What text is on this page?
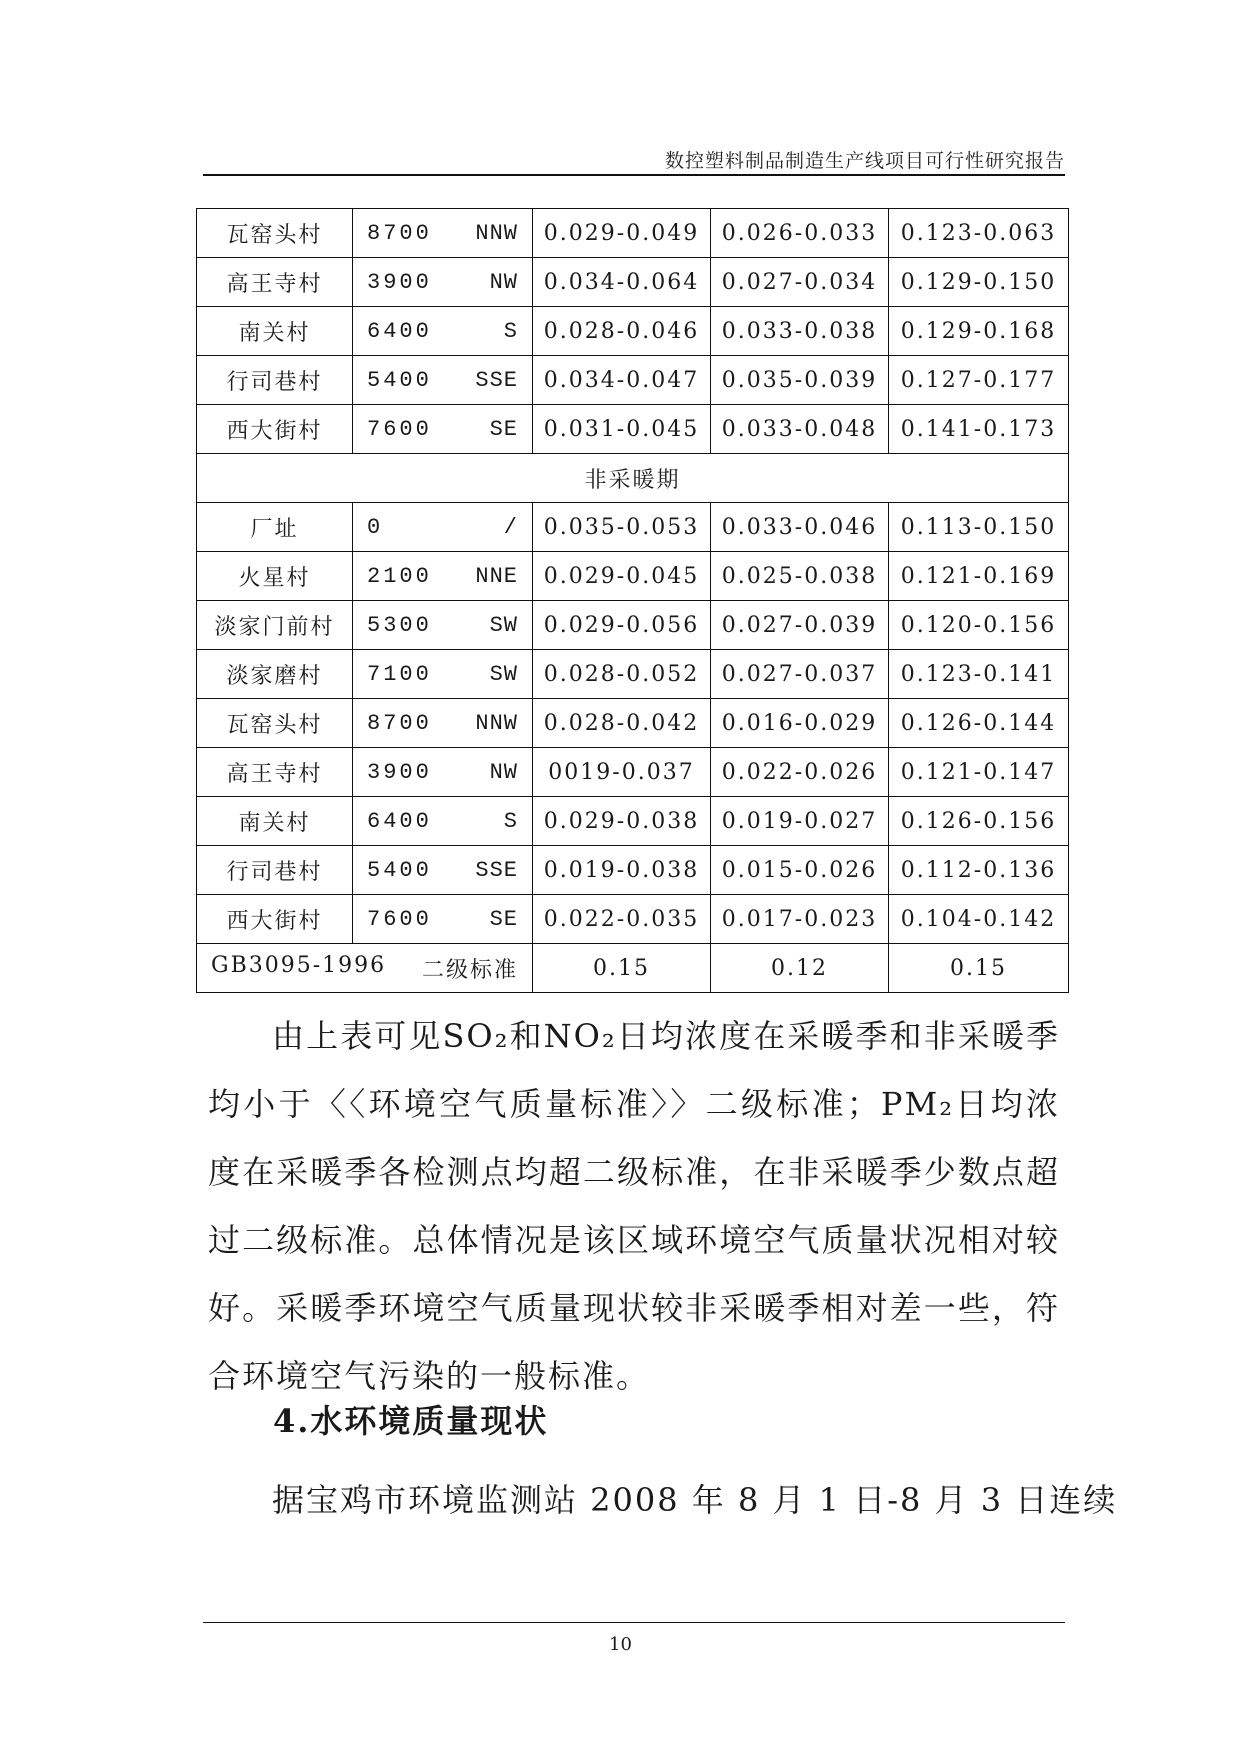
数控塑料制品制造生产线项目可行性研究报告
瓦窑头村	8700 NNW	0.029-0.049	0.026-0.033	0.123-0.063
高王寺村	3900 NW	0.034-0.064	0.027-0.034	0.129-0.150
南关村	6400 S	0.028-0.046	0.033-0.038	0.129-0.168
行司巷村	5400 SSE	0.034-0.047	0.035-0.039	0.127-0.177
西大街村	7600 SE	0.031-0.045	0.033-0.048	0.141-0.173
非采暖期				
厂址	0 /	0.035-0.053	0.033-0.046	0.113-0.150
火星村	2100 NNE	0.029-0.045	0.025-0.038	0.121-0.169
淡家门前村	5300 SW	0.029-0.056	0.027-0.039	0.120-0.156
淡家磨村	7100 SW	0.028-0.052	0.027-0.037	0.123-0.141
瓦窑头村	8700 NNW	0.028-0.042	0.016-0.029	0.126-0.144
高王寺村	3900 NW	0019-0.037	0.022-0.026	0.121-0.147
南关村	6400 S	0.029-0.038	0.019-0.027	0.126-0.156
行司巷村	5400 SSE	0.019-0.038	0.015-0.026	0.112-0.136
西大街村	7600 SE	0.022-0.035	0.017-0.023	0.104-0.142
GB3095-1996 二级标准		0.15	0.12	0.15

由上表可见SO₂和NO₂日均浓度在采暖季和非采暖季均小于〈〈环境空气质量标准〉〉二级标准；PM₂日均浓度在采暖季各检测点均超二级标准，在非采暖季少数点超过二级标准。总体情况是该区域环境空气质量状况相对较好。采暖季环境空气质量现状较非采暖季相对差一些，符合环境空气污染的一般标准。

4.水环境质量现状

据宝鸡市环境监测站 2008 年 8 月 1 日-8 月 3 日连续

10
